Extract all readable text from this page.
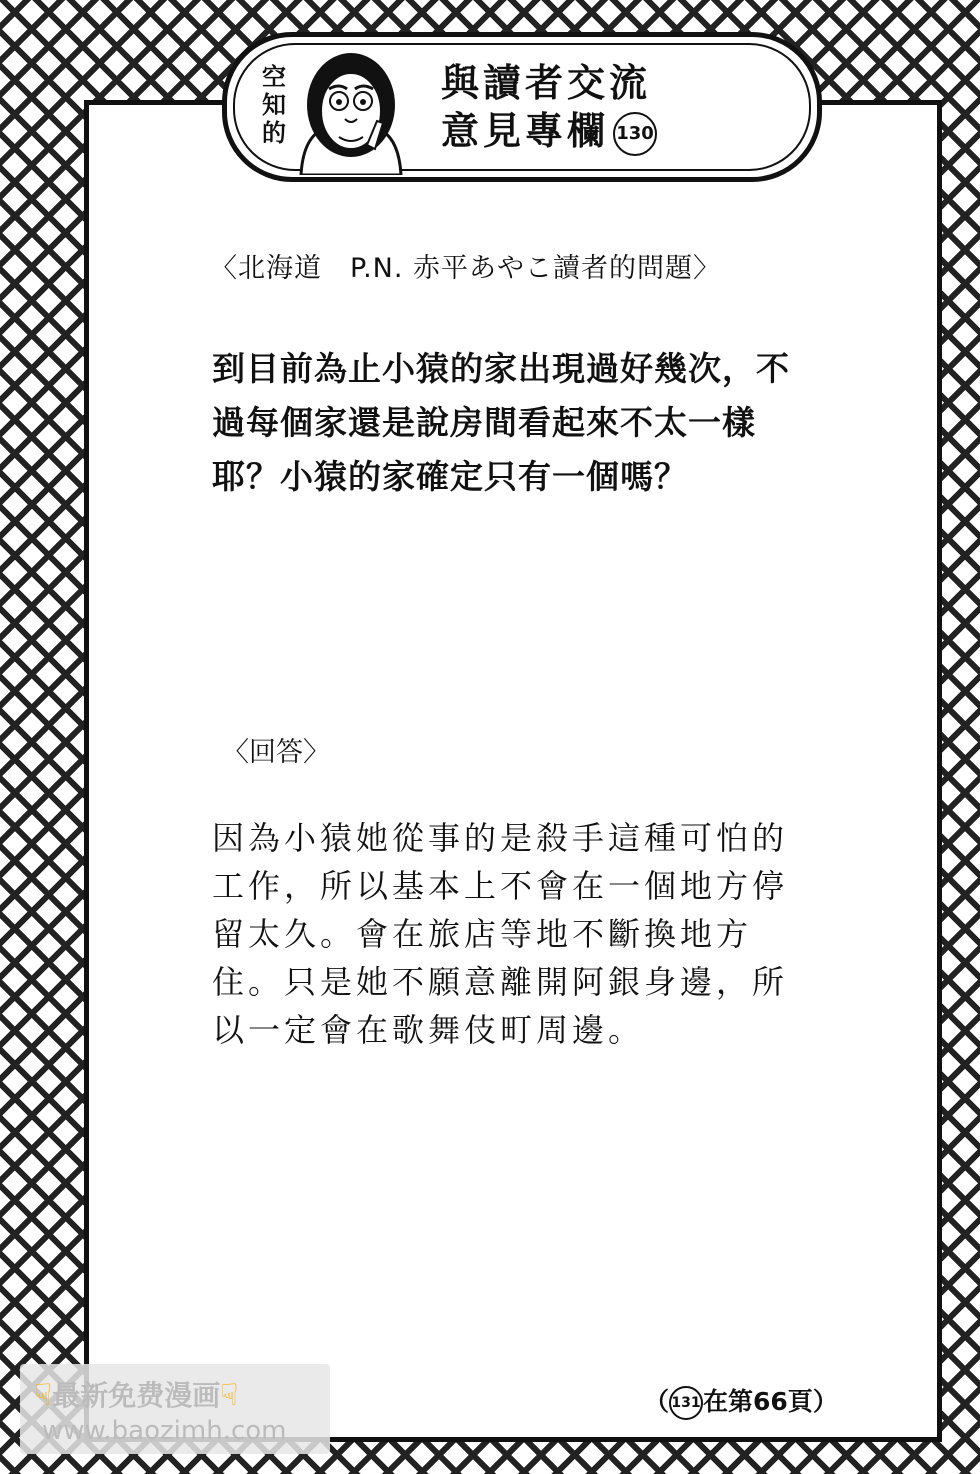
空
知
的
與讀者交流
意見專欄 130
〈北海道　P.N. 赤平あやこ讀者的問題〉
到目前為止小猿的家出現過好幾次，不過每個家還是說房間看起來不太一樣耶？小猿的家確定只有一個嗎？
〈回答〉
因為小猿她從事的是殺手這種可怕的工作，所以基本上不會在一個地方停留太久。會在旅店等地不斷換地方住。只是她不願意離開阿銀身邊，所以一定會在歌舞伎町周邊。
（ 131在第66頁）
☟最新免费漫画☟
www.baozimh.com
